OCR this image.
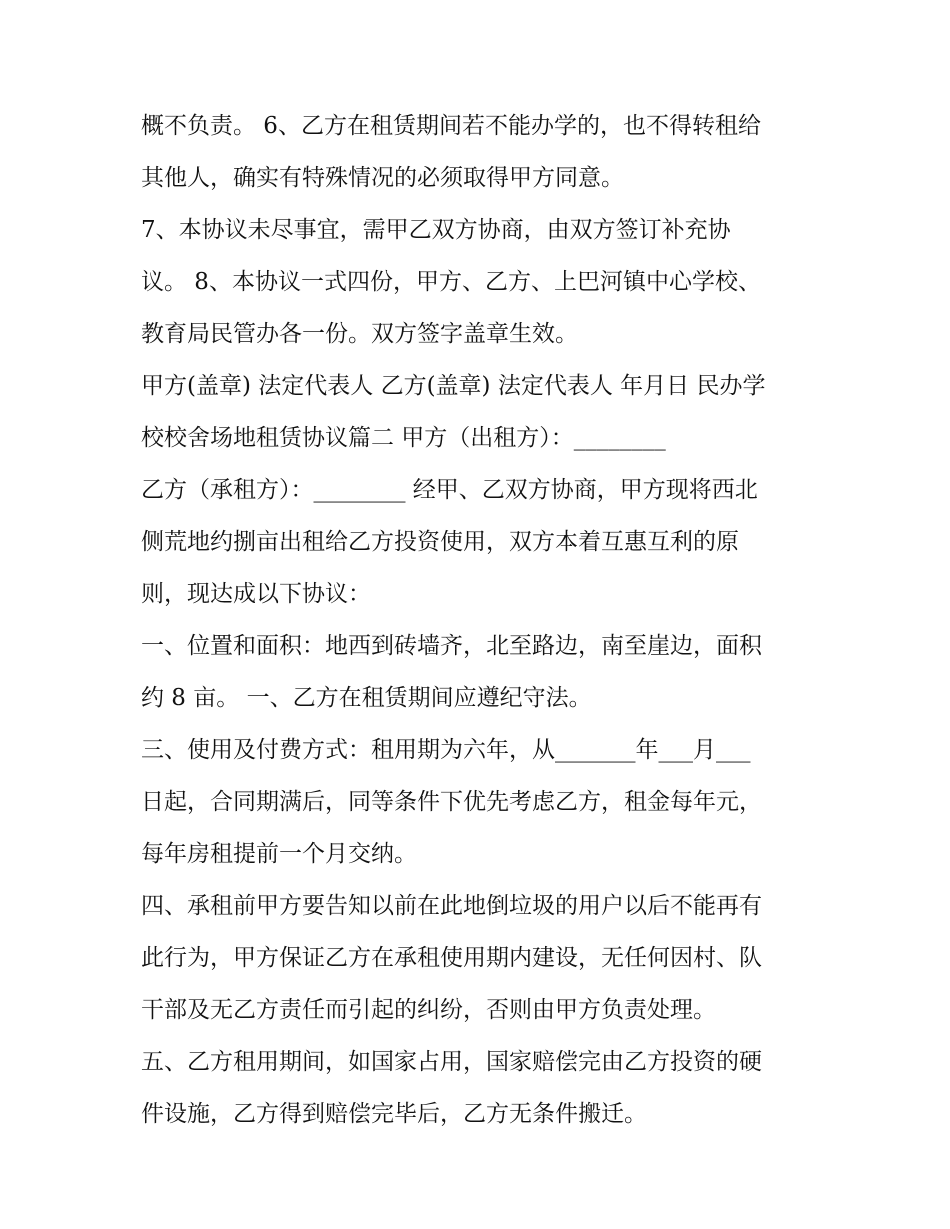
概不负责。 6、乙方在租赁期间若不能办学的，也不得转租给
其他人，确实有特殊情况的必须取得甲方同意。
7、本协议未尽事宜，需甲乙双方协商，由双方签订补充协
议。 8、本协议一式四份，甲方、乙方、上巴河镇中心学校、
教育局民管办各一份。双方签字盖章生效。
甲方(盖章) 法定代表人 乙方(盖章) 法定代表人 年月日 民办学
校校舍场地租赁协议篇二 甲方（出租方）：________
乙方（承租方）：________ 经甲、乙双方协商，甲方现将西北
侧荒地约捌亩出租给乙方投资使用，双方本着互惠互利的原
则，现达成以下协议：
一、位置和面积：地西到砖墙齐，北至路边，南至崖边，面积
约 8 亩。 一、乙方在租赁期间应遵纪守法。
三、使用及付费方式：租用期为六年，从_______年___月___
日起，合同期满后，同等条件下优先考虑乙方，租金每年元，
每年房租提前一个月交纳。
四、承租前甲方要告知以前在此地倒垃圾的用户以后不能再有
此行为，甲方保证乙方在承租使用期内建设，无任何因村、队
干部及无乙方责任而引起的纠纷，否则由甲方负责处理。
五、乙方租用期间，如国家占用，国家赔偿完由乙方投资的硬
件设施，乙方得到赔偿完毕后，乙方无条件搬迁。
